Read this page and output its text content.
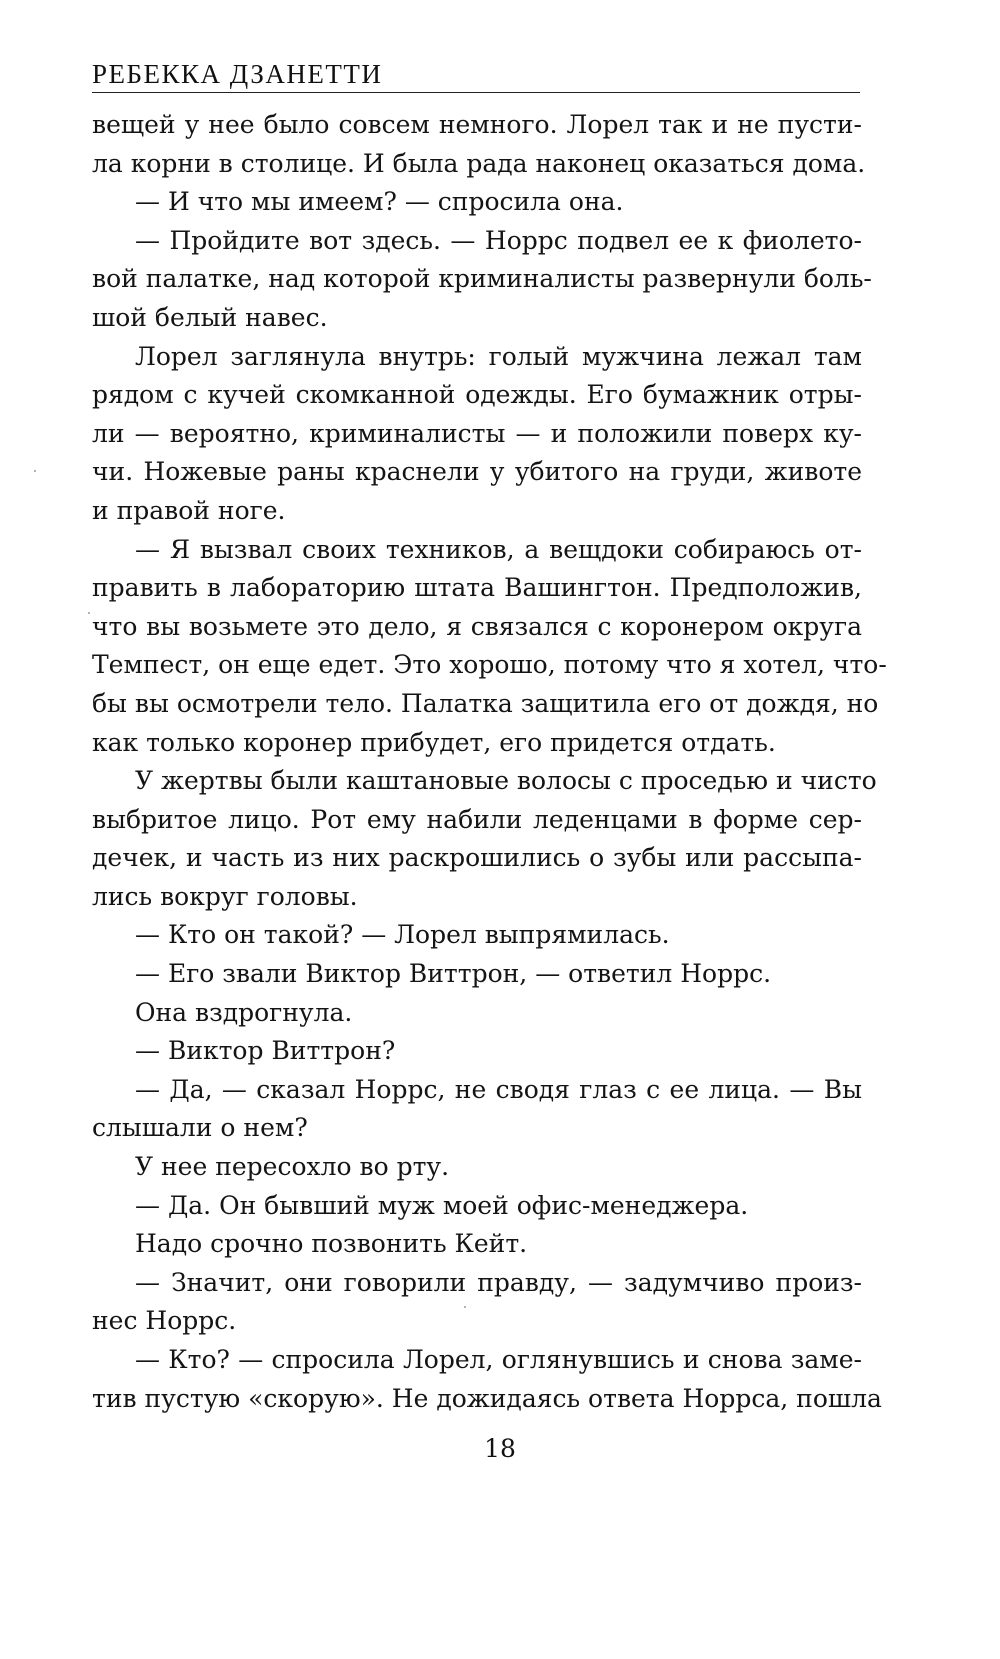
РЕБЕККА ДЗАНЕТТИ
вещей у нее было совсем немного. Лорел так и не пусти-
ла корни в столице. И была рада наконец оказаться дома.
— И что мы имеем? — спросила она.
— Пройдите вот здесь. — Норрс подвел ее к фиолето-
вой палатке, над которой криминалисты развернули боль-
шой белый навес.
Лорел заглянула внутрь: голый мужчина лежал там
рядом с кучей скомканной одежды. Его бумажник отры-
ли — вероятно, криминалисты — и положили поверх ку-
чи. Ножевые раны краснели у убитого на груди, животе
и правой ноге.
— Я вызвал своих техников, а вещдоки собираюсь от-
править в лабораторию штата Вашингтон. Предположив,
что вы возьмете это дело, я связался с коронером округа
Темпест, он еще едет. Это хорошо, потому что я хотел, что-
бы вы осмотрели тело. Палатка защитила его от дождя, но
как только коронер прибудет, его придется отдать.
У жертвы были каштановые волосы с проседью и чисто
выбритое лицо. Рот ему набили леденцами в форме сер-
дечек, и часть из них раскрошились о зубы или рассыпа-
лись вокруг головы.
— Кто он такой? — Лорел выпрямилась.
— Его звали Виктор Виттрон, — ответил Норрс.
Она вздрогнула.
— Виктор Виттрон?
— Да, — сказал Норрс, не сводя глаз с ее лица. — Вы
слышали о нем?
У нее пересохло во рту.
— Да. Он бывший муж моей офис-менеджера.
Надо срочно позвонить Кейт.
— Значит, они говорили правду, — задумчиво произ-
нес Норрс.
— Кто? — спросила Лорел, оглянувшись и снова заме-
тив пустую «скорую». Не дожидаясь ответа Норрса, пошла
18
